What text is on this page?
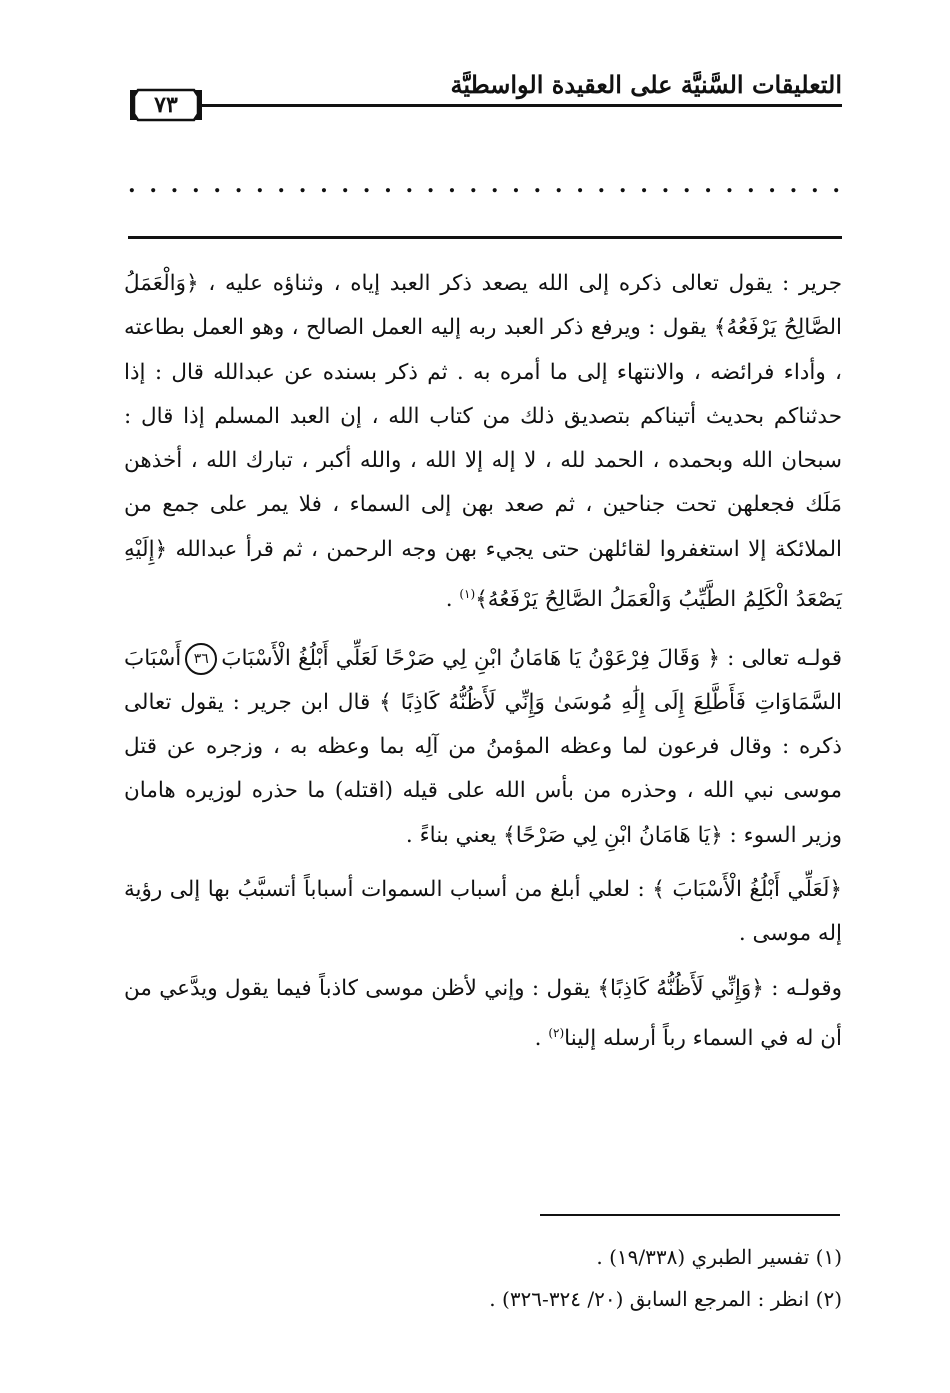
التعليقات السَّنيَّة على العقيدة الواسطيَّة
٧٣
. . . . . . . . . . . . . . . . . . . . . . . . . . . . . . . . . .

جرير : يقول تعالى ذكره إلى الله يصعد ذكر العبد إياه ، وثناؤه عليه ، ﴿وَالْعَمَلُ الصَّالِحُ يَرْفَعُهُ﴾ يقول : ويرفع ذكر العبد ربه إليه العمل الصالح ، وهو العمل بطاعته ، وأداء فرائضه ، والانتهاء إلى ما أمره به . ثم ذكر بسنده عن عبدالله قال : إذا حدثناكم بحديث أتيناكم بتصديق ذلك من كتاب الله ، إن العبد المسلم إذا قال : سبحان الله وبحمده ، الحمد لله ، لا إله إلا الله ، والله أكبر ، تبارك الله ، أخذهن مَلَك فجعلهن تحت جناحين ، ثم صعد بهن إلى السماء ، فلا يمر على جمع من الملائكة إلا استغفروا لقائلهن حتى يجيء بهن وجه الرحمن ، ثم قرأ عبدالله ﴿إِلَيْهِ يَصْعَدُ الْكَلِمُ الطَّيِّبُ وَالْعَمَلُ الصَّالِحُ يَرْفَعُهُ﴾$^{(١)}$ .

قولـه تعالى : ﴿ وَقَالَ فِرْعَوْنُ يَا هَامَانُ ابْنِ لِي صَرْحًا لَعَلِّي أَبْلُغُ الْأَسْبَابَ٣٦أَسْبَابَ السَّمَاوَاتِ فَأَطَّلِعَ إِلَى إِلَٰهِ مُوسَىٰ وَإِنِّي لَأَظُنُّهُ كَاذِبًا ﴾ قال ابن جرير : يقول تعالى ذكره : وقال فرعون لما وعظه المؤمنُ من آلِه بما وعظه به ، وزجره عن قتل موسى نبي الله ، وحذره من بأس الله على قيله (اقتله) ما حذره لوزيره هامان وزير السوء : ﴿يَا هَامَانُ ابْنِ لِي صَرْحًا﴾ يعني بناءً .

﴿لَعَلِّي أَبْلُغُ الْأَسْبَابَ ﴾ : لعلي أبلغ من أسباب السموات أسباباً أتسبَّبُ بها إلى رؤية إله موسى .

وقولـه : ﴿وَإِنِّي لَأَظُنُّهُ كَاذِبًا﴾ يقول : وإني لأظن موسى كاذباً فيما يقول ويدَّعي من أن له في السماء رباً أرسله إلينا$^{(٢)}$ .

(١) تفسير الطبري (١٩/٣٣٨) .
(٢) انظر : المرجع السابق (٢٠/ ٣٢٤-٣٢٦) .
